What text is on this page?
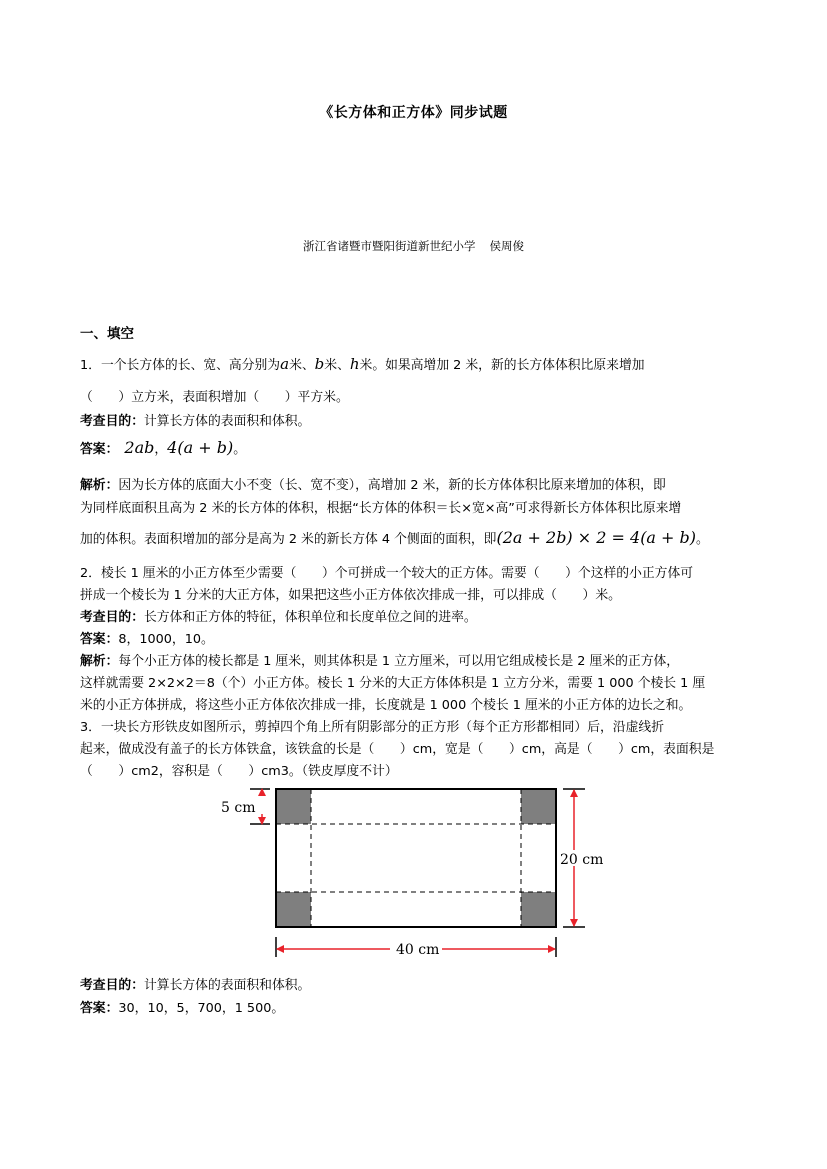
《长方体和正方体》同步试题
浙江省诸暨市暨阳街道新世纪小学 侯周俊
一、填空
1．一个长方体的长、宽、高分别为a米、b米、h米。如果高增加 2 米，新的长方体体积比原来增加
（　　）立方米，表面积增加（　　）平方米。
考查目的：计算长方体的表面积和体积。
答案： 2ab，4(a + b)。
解析：因为长方体的底面大小不变（长、宽不变），高增加 2 米，新的长方体体积比原来增加的体积，即
为同样底面积且高为 2 米的长方体的体积，根据“长方体的体积＝长×宽×高”可求得新长方体体积比原来增
加的体积。表面积增加的部分是高为 2 米的新长方体 4 个侧面的面积，即(2a + 2b) × 2 = 4(a + b)。
2．棱长 1 厘米的小正方体至少需要（　　）个可拼成一个较大的正方体。需要（　　）个这样的小正方体可
拼成一个棱长为 1 分米的大正方体，如果把这些小正方体依次排成一排，可以排成（　　）米。
考查目的：长方体和正方体的特征，体积单位和长度单位之间的进率。
答案：8，1000，10。
解析：每个小正方体的棱长都是 1 厘米，则其体积是 1 立方厘米，可以用它组成棱长是 2 厘米的正方体，
这样就需要 2×2×2＝8（个）小正方体。棱长 1 分米的大正方体体积是 1 立方分米，需要 1 000 个棱长 1 厘
米的小正方体拼成，将这些小正方体依次排成一排，长度就是 1 000 个棱长 1 厘米的小正方体的边长之和。
3．一块长方形铁皮如图所示，剪掉四个角上所有阴影部分的正方形（每个正方形都相同）后，沿虚线折
起来，做成没有盖子的长方体铁盒，该铁盒的长是（　　）cm，宽是（　　）cm，高是（　　）cm，表面积是
（　　）cm2，容积是（　　）cm3。（铁皮厚度不计）
5 cm
20 cm
40 cm
考查目的：计算长方体的表面积和体积。
答案：30，10，5，700，1 500。
